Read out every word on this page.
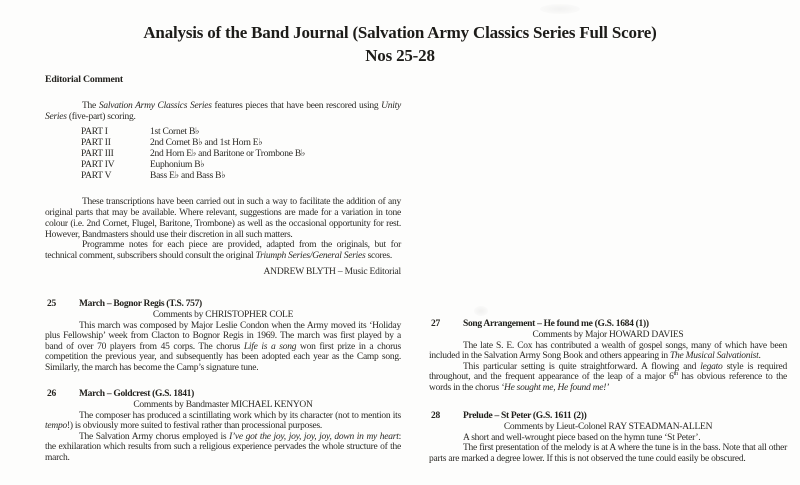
Analysis of the Band Journal (Salvation Army Classics Series Full Score)
Nos 25-28
Editorial Comment

The Salvation Army Classics Series features pieces that have been rescored using Unity Series (five-part) scoring.

PART I	1st Cornet B♭
PART II	2nd Cornet B♭ and 1st Horn E♭
PART III	2nd Horn E♭ and Baritone or Trombone B♭
PART IV	Euphonium B♭
PART V	Bass E♭ and Bass B♭

These transcriptions have been carried out in such a way to facilitate the addition of any original parts that may be available. Where relevant, suggestions are made for a variation in tone colour (i.e. 2nd Cornet, Flugel, Baritone, Trombone) as well as the occasional opportunity for rest. However, Bandmasters should use their discretion in all such matters.

Programme notes for each piece are provided, adapted from the originals, but for technical comment, subscribers should consult the original Triumph Series/General Series scores.

ANDREW BLYTH – Music Editorial
25 March – Bognor Regis (T.S. 757)
Comments by CHRISTOPHER COLE

This march was composed by Major Leslie Condon when the Army moved its ‘Holiday plus Fellowship’ week from Clacton to Bognor Regis in 1969. The march was first played by a band of over 70 players from 45 corps. The chorus Life is a song won first prize in a chorus competition the previous year, and subsequently has been adopted each year as the Camp song. Similarly, the march has become the Camp’s signature tune.

26 March – Goldcrest (G.S. 1841)
Comments by Bandmaster MICHAEL KENYON

The composer has produced a scintillating work which by its character (not to mention its tempo!) is obviously more suited to festival rather than processional purposes.

The Salvation Army chorus employed is I’ve got the joy, joy, joy, joy, down in my heart: the exhilaration which results from such a religious experience pervades the whole structure of the march.

27 Song Arrangement – He found me (G.S. 1684 (1))
Comments by Major HOWARD DAVIES

The late S. E. Cox has contributed a wealth of gospel songs, many of which have been included in the Salvation Army Song Book and others appearing in The Musical Salvationist.

This particular setting is quite straightforward. A flowing and legato style is required throughout, and the frequent appearance of the leap of a major 6th has obvious reference to the words in the chorus ‘He sought me, He found me!’

28 Prelude – St Peter (G.S. 1611 (2))
Comments by Lieut-Colonel RAY STEADMAN-ALLEN

A short and well-wrought piece based on the hymn tune ‘St Peter’.

The first presentation of the melody is at A where the tune is in the bass. Note that all other parts are marked a degree lower. If this is not observed the tune could easily be obscured.
